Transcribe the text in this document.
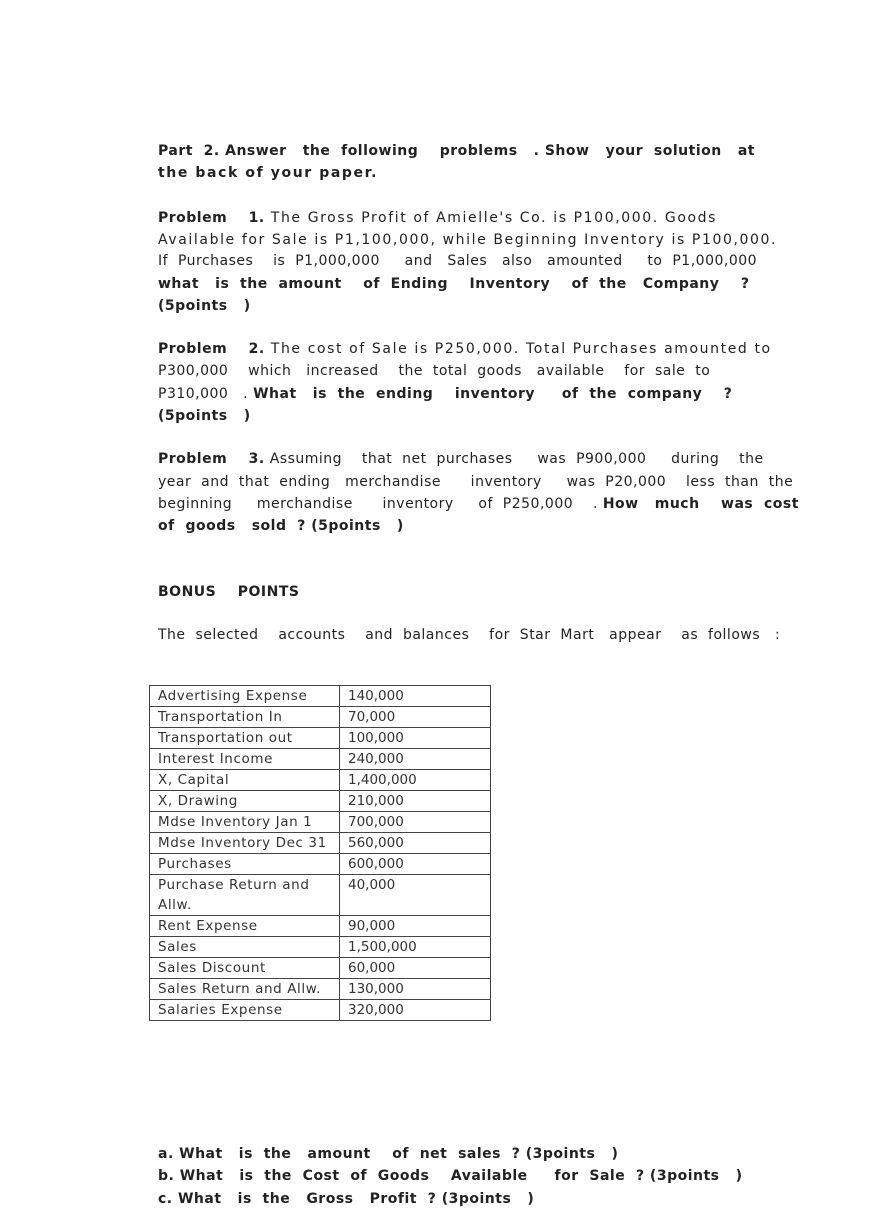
Part  2. Answer   the  following    problems   . Show   your  solution   at
the back of your paper.
Problem    1. The Gross Profit of Amielle's Co. is P100,000. Goods
Available for Sale is P1,100,000, while Beginning Inventory is P100,000.
If  Purchases    is  P1,000,000     and   Sales   also   amounted     to  P1,000,000
what   is  the  amount    of  Ending    Inventory    of  the   Company    ?
(5points   )
Problem    2. The cost of Sale is P250,000. Total Purchases amounted to
P300,000    which   increased    the  total  goods   available    for  sale  to
P310,000   . What   is  the  ending    inventory     of  the  company    ?
(5points   )
Problem    3. Assuming    that  net  purchases     was  P900,000     during    the
year  and  that  ending   merchandise      inventory     was  P20,000    less  than  the
beginning     merchandise      inventory     of  P250,000    . How   much    was  cost
of  goods   sold  ? (5points   )
BONUS    POINTS
The  selected    accounts    and  balances    for  Star  Mart   appear    as  follows   :
Advertising Expense	140,000
Transportation In	70,000
Transportation out	100,000
Interest Income	240,000
X, Capital	1,400,000
X, Drawing	210,000
Mdse Inventory Jan 1	700,000
Mdse Inventory Dec 31	560,000
Purchases	600,000
Purchase Return and Allw.	40,000
Rent Expense	90,000
Sales	1,500,000
Sales Discount	60,000
Sales Return and Allw.	130,000
Salaries Expense	320,000
a. What   is  the   amount    of  net  sales  ? (3points   )
b. What   is  the  Cost  of  Goods    Available     for  Sale  ? (3points   )
c. What   is  the   Gross   Profit  ? (3points   )
